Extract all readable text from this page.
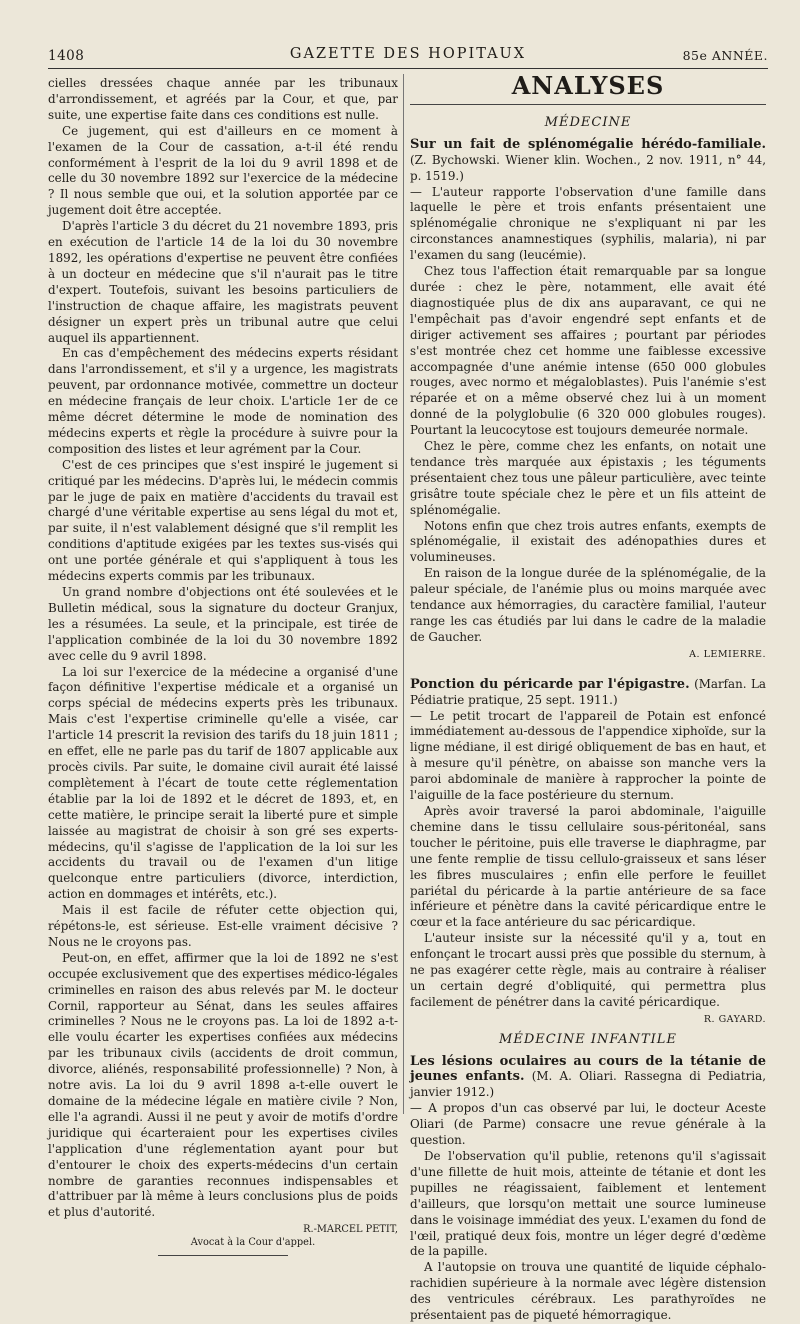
1408	GAZETTE DES HOPITAUX	85e ANNÉE.

cielles dressées chaque année par les tribunaux d'arrondissement, et agréés par la Cour, et que, par suite, une expertise faite dans ces conditions est nulle.

Ce jugement, qui est d'ailleurs en ce moment à l'examen de la Cour de cassation, a-t-il été rendu conformément à l'esprit de la loi du 9 avril 1898 et de celle du 30 novembre 1892 sur l'exercice de la médecine ? Il nous semble que oui, et la solution apportée par ce jugement doit être acceptée.

D'après l'article 3 du décret du 21 novembre 1893, pris en exécution de l'article 14 de la loi du 30 novembre 1892, les opérations d'expertise ne peuvent être confiées à un docteur en médecine que s'il n'aurait pas le titre d'expert. Toutefois, suivant les besoins particuliers de l'instruction de chaque affaire, les magistrats peuvent désigner un expert près un tribunal autre que celui auquel ils appartiennent.

En cas d'empêchement des médecins experts résidant dans l'arrondissement, et s'il y a urgence, les magistrats peuvent, par ordonnance motivée, commettre un docteur en médecine français de leur choix. L'article 1er de ce même décret détermine le mode de nomination des médecins experts et règle la procédure à suivre pour la composition des listes et leur agrément par la Cour.

C'est de ces principes que s'est inspiré le jugement si critiqué par les médecins. D'après lui, le médecin commis par le juge de paix en matière d'accidents du travail est chargé d'une véritable expertise au sens légal du mot et, par suite, il n'est valablement désigné que s'il remplit les conditions d'aptitude exigées par les textes sus-visés qui ont une portée générale et qui s'appliquent à tous les médecins experts commis par les tribunaux.

Un grand nombre d'objections ont été soulevées et le Bulletin médical, sous la signature du docteur Granjux, les a résumées. La seule, et la principale, est tirée de l'application combinée de la loi du 30 novembre 1892 avec celle du 9 avril 1898.

La loi sur l'exercice de la médecine a organisé d'une façon définitive l'expertise médicale et a organisé un corps spécial de médecins experts près les tribunaux. Mais c'est l'expertise criminelle qu'elle a visée, car l'article 14 prescrit la revision des tarifs du 18 juin 1811 ; en effet, elle ne parle pas du tarif de 1807 applicable aux procès civils. Par suite, le domaine civil aurait été laissé complètement à l'écart de toute cette réglementation établie par la loi de 1892 et le décret de 1893, et, en cette matière, le principe serait la liberté pure et simple laissée au magistrat de choisir à son gré ses experts-médecins, qu'il s'agisse de l'application de la loi sur les accidents du travail ou de l'examen d'un litige quelconque entre particuliers (divorce, interdiction, action en dommages et intérêts, etc.).

Mais il est facile de réfuter cette objection qui, répétons-le, est sérieuse. Est-elle vraiment décisive ? Nous ne le croyons pas.

Peut-on, en effet, affirmer que la loi de 1892 ne s'est occupée exclusivement que des expertises médico-légales criminelles en raison des abus relevés par M. le docteur Cornil, rapporteur au Sénat, dans les seules affaires criminelles ? Nous ne le croyons pas. La loi de 1892 a-t-elle voulu écarter les expertises confiées aux médecins par les tribunaux civils (accidents de droit commun, divorce, aliénés, responsabilité professionnelle) ? Non, à notre avis. La loi du 9 avril 1898 a-t-elle ouvert le domaine de la médecine légale en matière civile ? Non, elle l'a agrandi. Aussi il ne peut y avoir de motifs d'ordre juridique qui écarteraient pour les expertises civiles l'application d'une réglementation ayant pour but d'entourer le choix des experts-médecins d'un certain nombre de garanties reconnues indispensables et d'attribuer par là même à leurs conclusions plus de poids et plus d'autorité.

R.-MARCEL PETIT,
Avocat à la Cour d'appel.
ANALYSES
MÉDECINE

Sur un fait de splénomégalie hérédo-familiale. (Z. Bychowski. Wiener klin. Wochen., 2 nov. 1911, n° 44, p. 1519.)

— L'auteur rapporte l'observation d'une famille dans laquelle le père et trois enfants présentaient une splénomégalie chronique ne s'expliquant ni par les circonstances anamnestiques (syphilis, malaria), ni par l'examen du sang (leucémie).

Chez tous l'affection était remarquable par sa longue durée : chez le père, notamment, elle avait été diagnostiquée plus de dix ans auparavant, ce qui ne l'empêchait pas d'avoir engendré sept enfants et de diriger activement ses affaires ; pourtant par périodes s'est montrée chez cet homme une faiblesse excessive accompagnée d'une anémie intense (650 000 globules rouges, avec normo et mégaloblastes). Puis l'anémie s'est réparée et on a même observé chez lui à un moment donné de la polyglobulie (6 320 000 globules rouges). Pourtant la leucocytose est toujours demeurée normale.

Chez le père, comme chez les enfants, on notait une tendance très marquée aux épistaxis ; les téguments présentaient chez tous une pâleur particulière, avec teinte grisâtre toute spéciale chez le père et un fils atteint de splénomégalie.

Notons enfin que chez trois autres enfants, exempts de splénomégalie, il existait des adénopathies dures et volumineuses.

En raison de la longue durée de la splénomégalie, de la paleur spéciale, de l'anémie plus ou moins marquée avec tendance aux hémorragies, du caractère familial, l'auteur range les cas étudiés par lui dans le cadre de la maladie de Gaucher.

A. LEMIERRE.

Ponction du péricarde par l'épigastre. (Marfan. La Pédiatrie pratique, 25 sept. 1911.)

— Le petit trocart de l'appareil de Potain est enfoncé immédiatement au-dessous de l'appendice xiphoïde, sur la ligne médiane, il est dirigé obliquement de bas en haut, et à mesure qu'il pénètre, on abaisse son manche vers la paroi abdominale de manière à rapprocher la pointe de l'aiguille de la face postérieure du sternum.

Après avoir traversé la paroi abdominale, l'aiguille chemine dans le tissu cellulaire sous-péritonéal, sans toucher le péritoine, puis elle traverse le diaphragme, par une fente remplie de tissu cellulo-graisseux et sans léser les fibres musculaires ; enfin elle perfore le feuillet pariétal du péricarde à la partie antérieure de sa face inférieure et pénètre dans la cavité péricardique entre le cœur et la face antérieure du sac péricardique.

L'auteur insiste sur la nécessité qu'il y a, tout en enfonçant le trocart aussi près que possible du sternum, à ne pas exagérer cette règle, mais au contraire à réaliser un certain degré d'obliquité, qui permettra plus facilement de pénétrer dans la cavité péricardique.

R. GAYARD.
MÉDECINE INFANTILE

Les lésions oculaires au cours de la tétanie de jeunes enfants. (M. A. Oliari. Rassegna di Pediatria, janvier 1912.)

— A propos d'un cas observé par lui, le docteur Aceste Oliari (de Parme) consacre une revue générale à la question.

De l'observation qu'il publie, retenons qu'il s'agissait d'une fillette de huit mois, atteinte de tétanie et dont les pupilles ne réagissaient, faiblement et lentement d'ailleurs, que lorsqu'on mettait une source lumineuse dans le voisinage immédiat des yeux. L'examen du fond de l'œil, pratiqué deux fois, montre un léger degré d'œdème de la papille.

A l'autopsie on trouva une quantité de liquide céphalo-rachidien supérieure à la normale avec légère distension des ventricules cérébraux. Les parathyroïdes ne présentaient pas de piqueté hémorragique.
